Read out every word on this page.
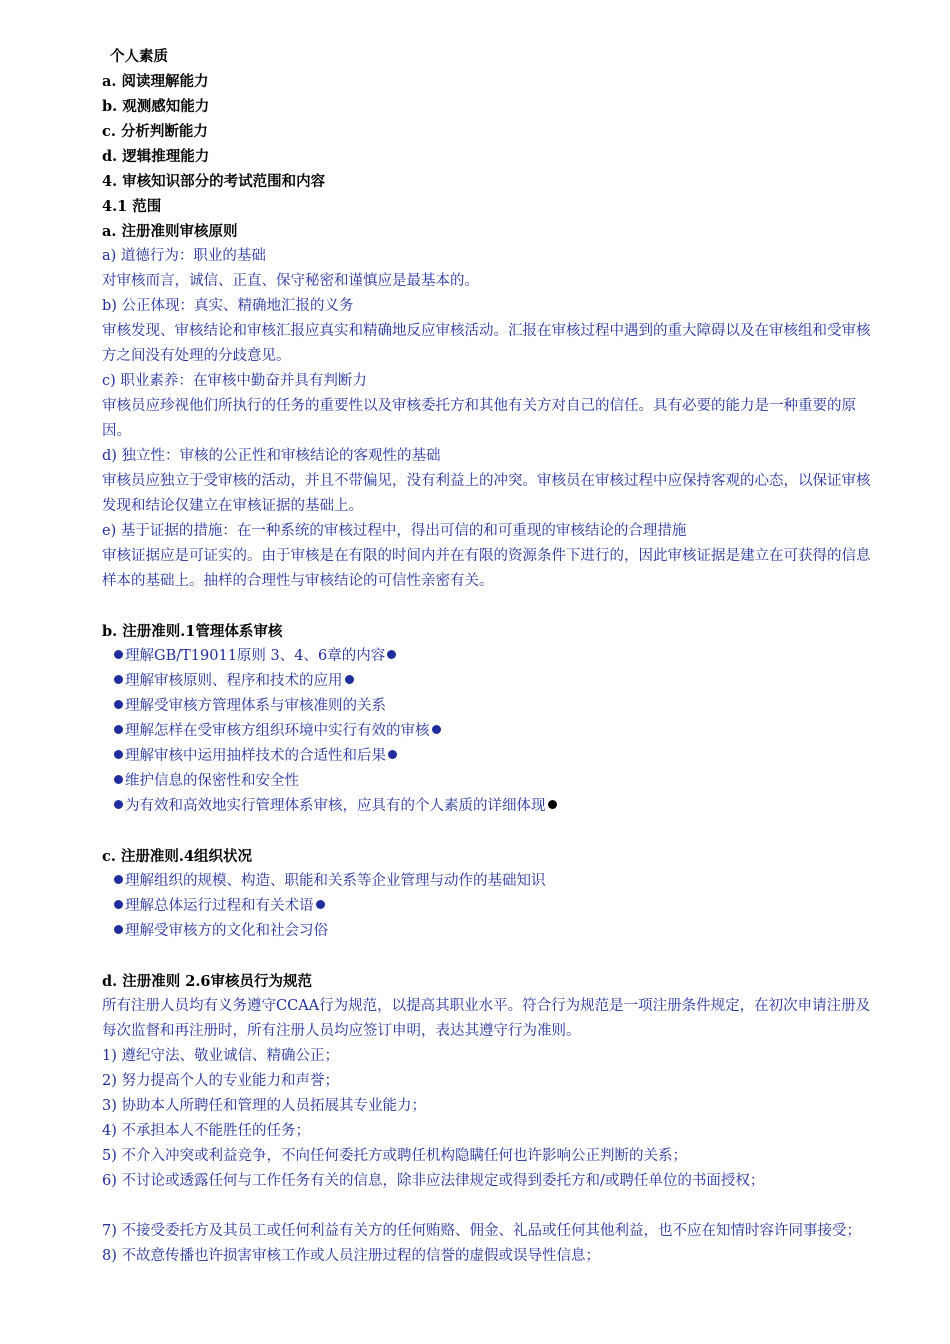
个人素质
a. 阅读理解能力
b. 观测感知能力
c. 分析判断能力
d. 逻辑推理能力
4. 审核知识部分的考试范围和内容
4.1 范围
a. 注册准则审核原则
a) 道德行为：职业的基础
对审核而言，诚信、正直、保守秘密和谨慎应是最基本的。
b) 公正体现：真实、精确地汇报的义务
审核发现、审核结论和审核汇报应真实和精确地反应审核活动。汇报在审核过程中遇到的重大障碍以及在审核组和受审核方之间没有处理的分歧意见。
c) 职业素养：在审核中勤奋并具有判断力
审核员应珍视他们所执行的任务的重要性以及审核委托方和其他有关方对自己的信任。具有必要的能力是一种重要的原因。
d) 独立性：审核的公正性和审核结论的客观性的基础
审核员应独立于受审核的活动，并且不带偏见，没有利益上的冲突。审核员在审核过程中应保持客观的心态，以保证审核发现和结论仅建立在审核证据的基础上。
e) 基于证据的措施：在一种系统的审核过程中，得出可信的和可重现的审核结论的合理措施
审核证据应是可证实的。由于审核是在有限的时间内并在有限的资源条件下进行的，因此审核证据是建立在可获得的信息样本的基础上。抽样的合理性与审核结论的可信性亲密有关。
b. 注册准则.1管理体系审核
理解GB/T19011原则 3、4、6章的内容
理解审核原则、程序和技术的应用
理解受审核方管理体系与审核准则的关系
理解怎样在受审核方组织环境中实行有效的审核
理解审核中运用抽样技术的合适性和后果
维护信息的保密性和安全性
为有效和高效地实行管理体系审核，应具有的个人素质的详细体现
c. 注册准则.4组织状况
理解组织的规模、构造、职能和关系等企业管理与动作的基础知识
理解总体运行过程和有关术语
理解受审核方的文化和社会习俗
d. 注册准则 2.6审核员行为规范
所有注册人员均有义务遵守CCAA行为规范，以提高其职业水平。符合行为规范是一项注册条件规定，在初次申请注册及每次监督和再注册时，所有注册人员均应签订申明，表达其遵守行为准则。
1) 遵纪守法、敬业诚信、精确公正；
2) 努力提高个人的专业能力和声誉；
3) 协助本人所聘任和管理的人员拓展其专业能力；
4) 不承担本人不能胜任的任务；
5) 不介入冲突或利益竞争，不向任何委托方或聘任机构隐瞒任何也许影响公正判断的关系；
6) 不讨论或透露任何与工作任务有关的信息，除非应法律规定或得到委托方和/或聘任单位的书面授权；
7) 不接受委托方及其员工或任何利益有关方的任何贿赂、佣金、礼品或任何其他利益，也不应在知情时容许同事接受；
8) 不故意传播也许损害审核工作或人员注册过程的信誉的虚假或误导性信息；
